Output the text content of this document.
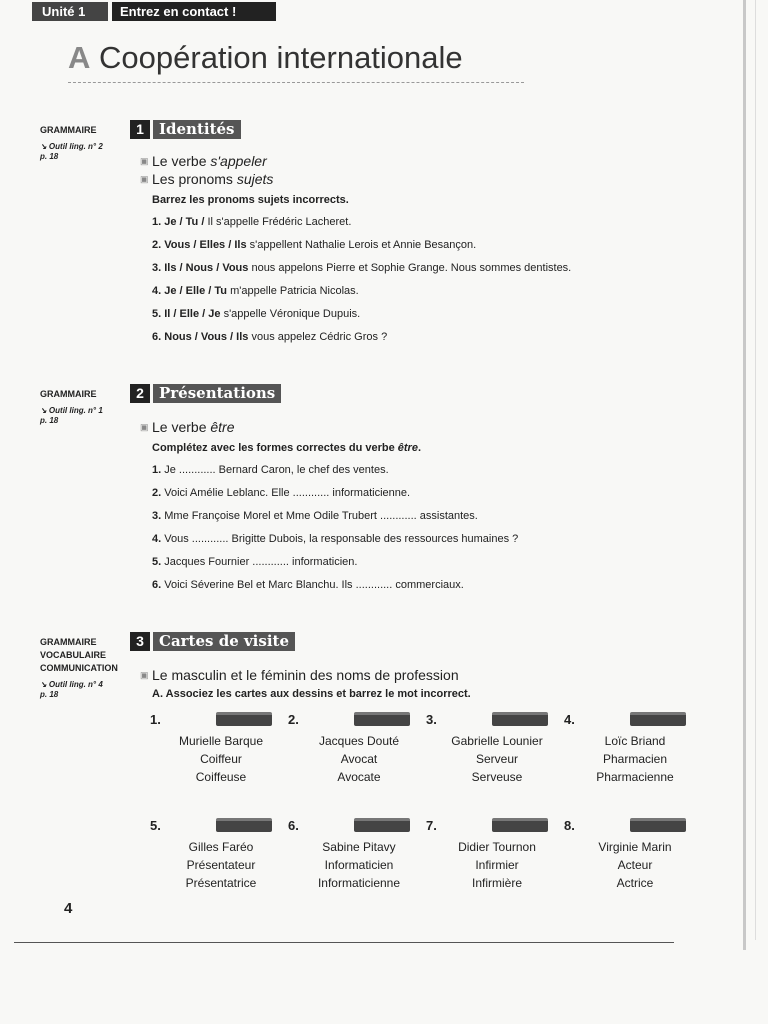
Unité 1	Entrez en contact !
A Coopération internationale
GRAMMAIRE
↘ Outil ling. n° 2
p. 18
1	Identités
▣ Le verbe
s'appeler
▣ Les pronoms
sujets
Barrez les pronoms sujets incorrects.
1. Je / Tu / Il s'appelle Frédéric Lacheret.
2. Vous / Elles / Ils s'appellent Nathalie Lerois et Annie Besançon.
3. Ils / Nous / Vous nous appelons Pierre et Sophie Grange. Nous sommes dentistes.
4. Je / Elle / Tu m'appelle Patricia Nicolas.
5. Il / Elle / Je s'appelle Véronique Dupuis.
6. Nous / Vous / Ils vous appelez Cédric Gros ?
GRAMMAIRE
↘ Outil ling. n° 1
p. 18
2	Présentations
▣ Le verbe
être
Complétez avec les formes correctes du verbe être.
1. Je ............ Bernard Caron, le chef des ventes.
2. Voici Amélie Leblanc. Elle ............ informaticienne.
3. Mme Françoise Morel et Mme Odile Trubert ............ assistantes.
4. Vous ............ Brigitte Dubois, la responsable des ressources humaines ?
5. Jacques Fournier ............ informaticien.
6. Voici Séverine Bel et Marc Blanchu. Ils ............ commerciaux.
GRAMMAIRE
VOCABULAIRE
COMMUNICATION
↘ Outil ling. n° 4
p. 18
3	Cartes de visite
▣ Le masculin et le féminin des noms de profession
A. Associez les cartes aux dessins et barrez le mot incorrect.
1.
Murielle Barque
Coiffeur
Coiffeuse
2.
Jacques Douté
Avocat
Avocate
3.
Gabrielle Lounier
Serveur
Serveuse
4.
Loïc Briand
Pharmacien
Pharmacienne
5.
Gilles Faréo
Présentateur
Présentatrice
6.
Sabine Pitavy
Informaticien
Informaticienne
7.
Didier Tournon
Infirmier
Infirmière
8.
Virginie Marin
Acteur
Actrice
4
